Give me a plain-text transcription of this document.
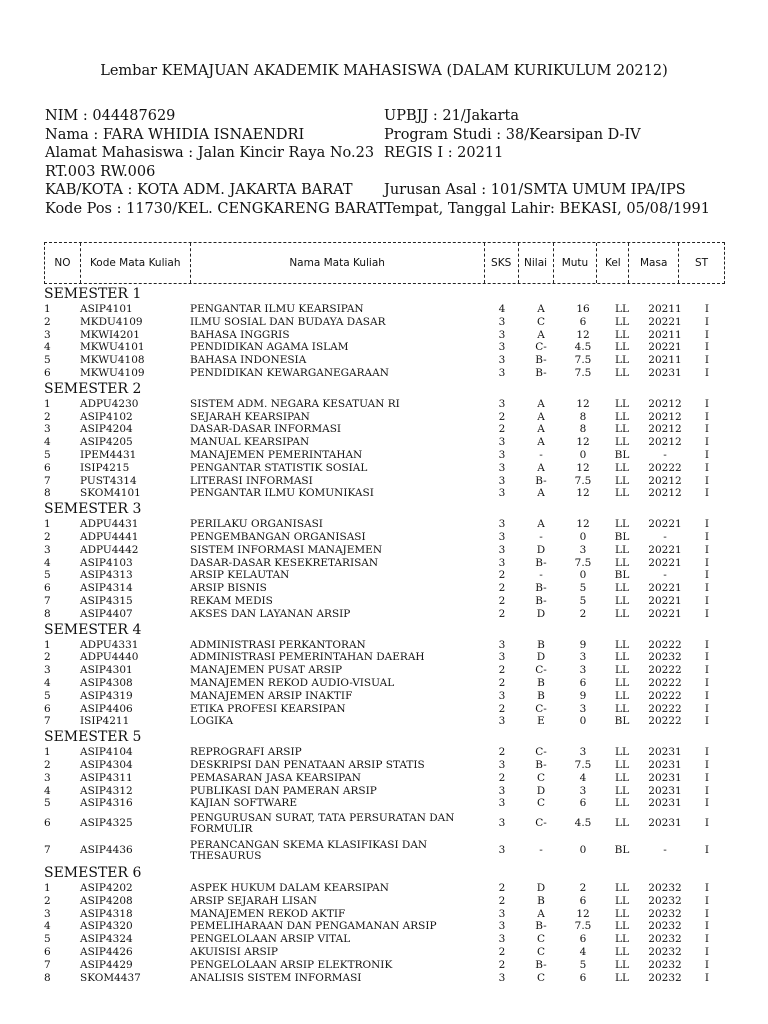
Lembar KEMAJUAN AKADEMIK MAHASISWA (DALAM KURIKULUM 20212)
NIM : 044487629	UPBJJ : 21/Jakarta
Nama : FARA WHIDIA ISNAENDRI	Program Studi : 38/Kearsipan D-IV
Alamat Mahasiswa : Jalan Kincir Raya No.23 REGIS I : 20211
RT.003 RW.006
KAB/KOTA : KOTA ADM. JAKARTA BARAT	Jurusan Asal : 101/SMTA UMUM IPA/IPS
Kode Pos : 11730/KEL. CENGKARENG BARAT
Tempat, Tanggal Lahir: BEKASI, 05/08/1991
NO	Kode Mata Kuliah	Nama Mata Kuliah	SKS	Nilai	Mutu	Kel	Masa	ST
SEMESTER 1
1	ASIP4101	PENGANTAR ILMU KEARSIPAN	4	A	16	LL	20211	I
2	MKDU4109	ILMU SOSIAL DAN BUDAYA DASAR	3	C	6	LL	20221	I
3	MKWI4201	BAHASA INGGRIS	3	A	12	LL	20211	I
4	MKWU4101	PENDIDIKAN AGAMA ISLAM	3	C-	4.5	LL	20221	I
5	MKWU4108	BAHASA INDONESIA	3	B-	7.5	LL	20211	I
6	MKWU4109	PENDIDIKAN KEWARGANEGARAAN	3	B-	7.5	LL	20231	I
SEMESTER 2
1	ADPU4230	SISTEM ADM. NEGARA KESATUAN RI	3	A	12	LL	20212	I
2	ASIP4102	SEJARAH KEARSIPAN	2	A	8	LL	20212	I
3	ASIP4204	DASAR-DASAR INFORMASI	2	A	8	LL	20212	I
4	ASIP4205	MANUAL KEARSIPAN	3	A	12	LL	20212	I
5	IPEM4431	MANAJEMEN PEMERINTAHAN	3	-	0	BL	-	I
6	ISIP4215	PENGANTAR STATISTIK SOSIAL	3	A	12	LL	20222	I
7	PUST4314	LITERASI INFORMASI	3	B-	7.5	LL	20212	I
8	SKOM4101	PENGANTAR ILMU KOMUNIKASI	3	A	12	LL	20212	I
SEMESTER 3
1	ADPU4431	PERILAKU ORGANISASI	3	A	12	LL	20221	I
2	ADPU4441	PENGEMBANGAN ORGANISASI	3	-	0	BL	-	I
3	ADPU4442	SISTEM INFORMASI MANAJEMEN	3	D	3	LL	20221	I
4	ASIP4103	DASAR-DASAR KESEKRETARISAN	3	B-	7.5	LL	20221	I
5	ASIP4313	ARSIP KELAUTAN	2	-	0	BL	-	I
6	ASIP4314	ARSIP BISNIS	2	B-	5	LL	20221	I
7	ASIP4315	REKAM MEDIS	2	B-	5	LL	20221	I
8	ASIP4407	AKSES DAN LAYANAN ARSIP	2	D	2	LL	20221	I
SEMESTER 4
1	ADPU4331	ADMINISTRASI PERKANTORAN	3	B	9	LL	20222	I
2	ADPU4440	ADMINISTRASI PEMERINTAHAN DAERAH	3	D	3	LL	20232	I
3	ASIP4301	MANAJEMEN PUSAT ARSIP	2	C-	3	LL	20222	I
4	ASIP4308	MANAJEMEN REKOD AUDIO-VISUAL	2	B	6	LL	20222	I
5	ASIP4319	MANAJEMEN ARSIP INAKTIF	3	B	9	LL	20222	I
6	ASIP4406	ETIKA PROFESI KEARSIPAN	2	C-	3	LL	20222	I
7	ISIP4211	LOGIKA	3	E	0	BL	20222	I
SEMESTER 5
1	ASIP4104	REPROGRAFI ARSIP	2	C-	3	LL	20231	I
2	ASIP4304	DESKRIPSI DAN PENATAAN ARSIP STATIS	3	B-	7.5	LL	20231	I
3	ASIP4311	PEMASARAN JASA KEARSIPAN	2	C	4	LL	20231	I
4	ASIP4312	PUBLIKASI DAN PAMERAN ARSIP	3	D	3	LL	20231	I
5	ASIP4316	KAJIAN SOFTWARE	3	C	6	LL	20231	I
6	ASIP4325	PENGURUSAN SURAT, TATA PERSURATAN DAN FORMULIR	3	C-	4.5	LL	20231	I
7	ASIP4436	PERANCANGAN SKEMA KLASIFIKASI DAN THESAURUS	3	-	0	BL	-	I
SEMESTER 6
1	ASIP4202	ASPEK HUKUM DALAM KEARSIPAN	2	D	2	LL	20232	I
2	ASIP4208	ARSIP SEJARAH LISAN	2	B	6	LL	20232	I
3	ASIP4318	MANAJEMEN REKOD AKTIF	3	A	12	LL	20232	I
4	ASIP4320	PEMELIHARAAN DAN PENGAMANAN ARSIP	3	B-	7.5	LL	20232	I
5	ASIP4324	PENGELOLAAN ARSIP VITAL	3	C	6	LL	20232	I
6	ASIP4426	AKUISISI ARSIP	2	C	4	LL	20232	I
7	ASIP4429	PENGELOLAAN ARSIP ELEKTRONIK	2	B-	5	LL	20232	I
8	SKOM4437	ANALISIS SISTEM INFORMASI	3	C	6	LL	20232	I
